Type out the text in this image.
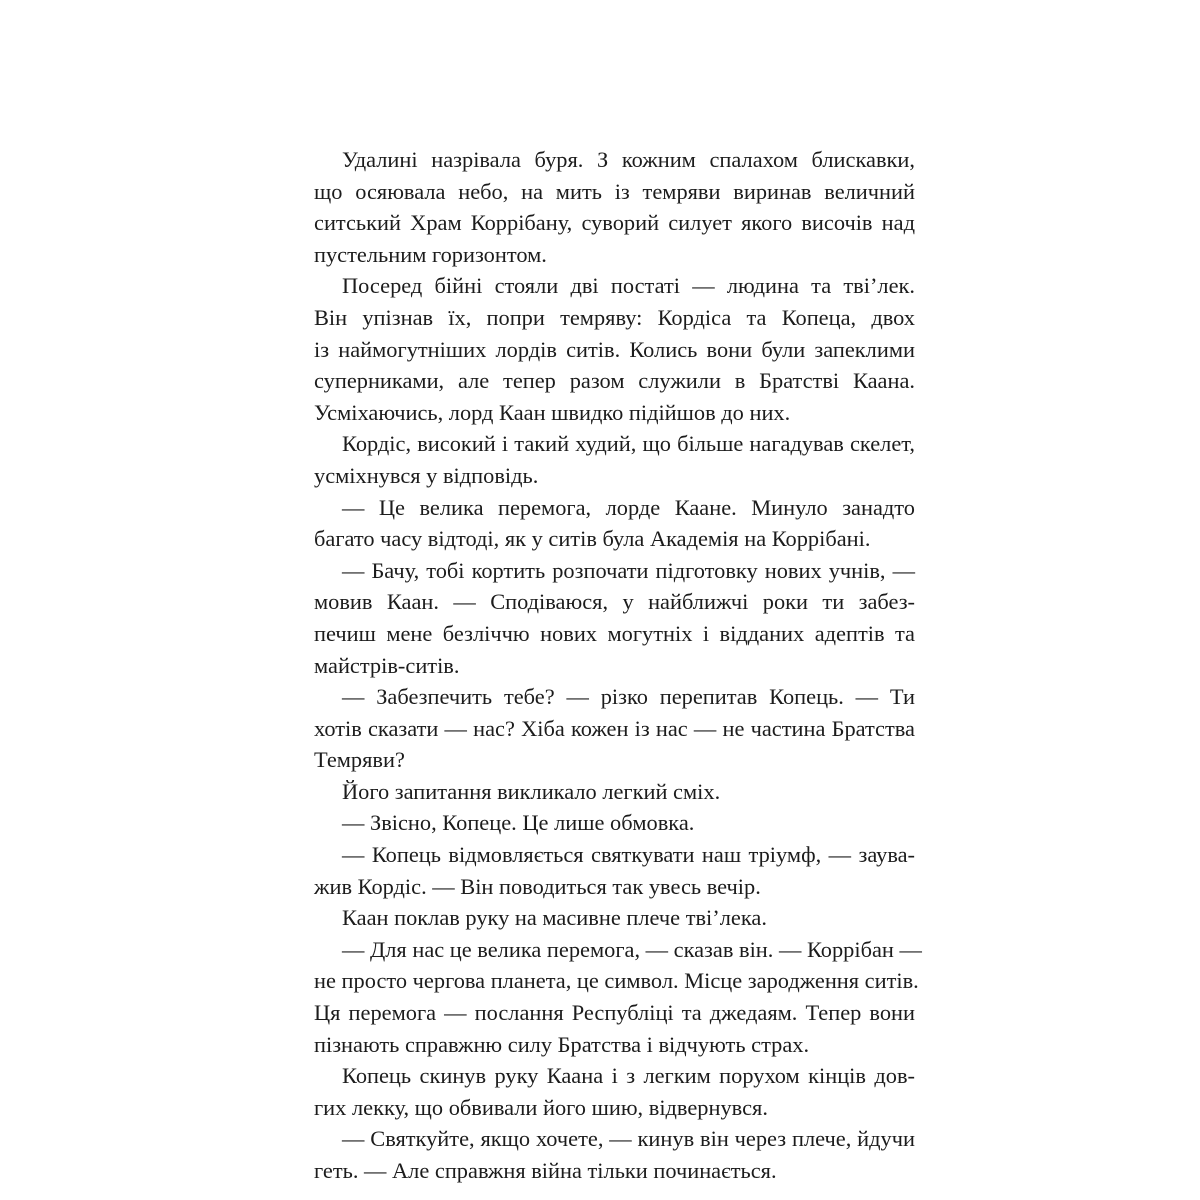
Удалині назрівала буря. З кожним спалахом блискавки,
що осяювала небо, на мить із темряви виринав величний
ситський Храм Коррібану, суворий силует якого височів над
пустельним горизонтом.
Посеред бійні стояли дві постаті — людина та тві’лек.
Він упізнав їх, попри темряву: Кордіса та Копеца, двох
із наймогутніших лордів ситів. Колись вони були запеклими
суперниками, але тепер разом служили в Братстві Каана.
Усміхаючись, лорд Каан швидко підійшов до них.
Кордіс, високий і такий худий, що більше нагадував скелет,
усміхнувся у відповідь.
— Це велика перемога, лорде Каане. Минуло занадто
багато часу відтоді, як у ситів була Академія на Коррібані.
— Бачу, тобі кортить розпочати підготовку нових учнів, —
мовив Каан. — Сподіваюся, у найближчі роки ти забез-
печиш мене безліччю нових могутніх і відданих адептів та
майстрів-ситів.
— Забезпечить тебе? — різко перепитав Копець. — Ти
хотів сказати — нас? Хіба кожен із нас — не частина Братства
Темряви?
Його запитання викликало легкий сміх.
— Звісно, Копеце. Це лише обмовка.
— Копець відмовляється святкувати наш тріумф, — заува-
жив Кордіс. — Він поводиться так увесь вечір.
Каан поклав руку на масивне плече тві’лека.
— Для нас це велика перемога, — сказав він. — Коррібан —
не просто чергова планета, це символ. Місце зародження ситів.
Ця перемога — послання Республіці та джедаям. Тепер вони
пізнають справжню силу Братства і відчують страх.
Копець скинув руку Каана і з легким порухом кінців дов-
гих лекку, що обвивали його шию, відвернувся.
— Святкуйте, якщо хочете, — кинув він через плече, йдучи
геть. — Але справжня війна тільки починається.
